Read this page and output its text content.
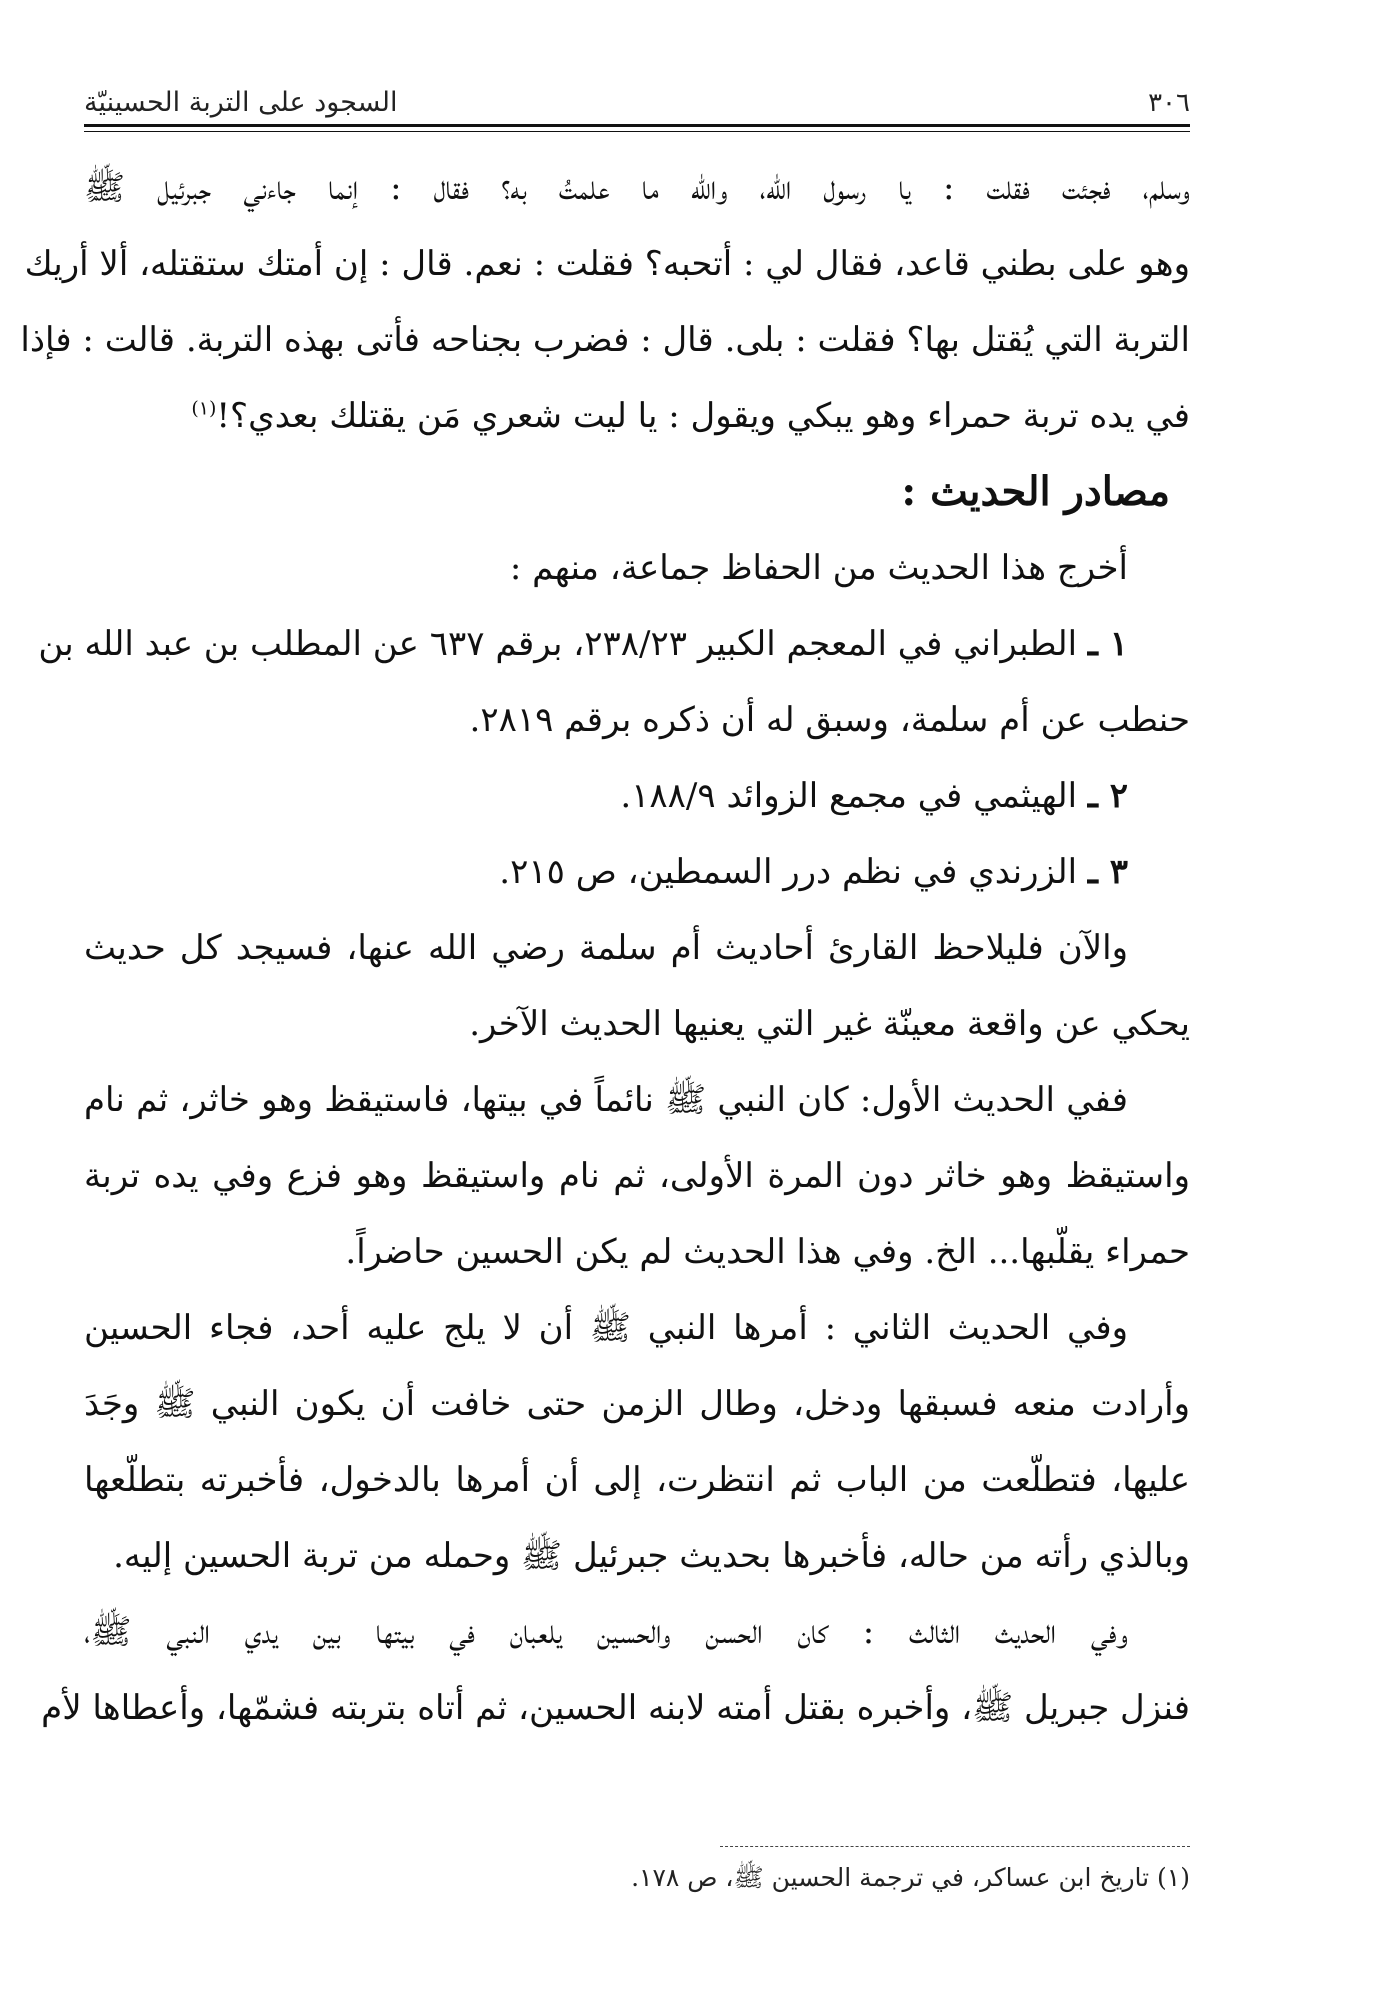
٣٠٦
السجود على التربة الحسينيّة
وسلم، فجئت فقلت : يا رسول الله، والله ما علمتُ به؟ فقال : إنما جاءني جبرئيل ﷺ
وهو على بطني قاعد، فقال لي : أتحبه؟ فقلت : نعم. قال : إن أمتك ستقتله، ألا أريك
التربة التي يُقتل بها؟ فقلت : بلى. قال : فضرب بجناحه فأتى بهذه التربة. قالت : فإذا
في يده تربة حمراء وهو يبكي ويقول : يا ليت شعري مَن يقتلك بعدي؟!$^{(١)}$
مصادر الحديث :
أخرج هذا الحديث من الحفاظ جماعة، منهم :
١ ـ الطبراني في المعجم الكبير ٢٣٨/٢٣، برقم ٦٣٧ عن المطلب بن عبد الله بن
حنطب عن أم سلمة، وسبق له أن ذكره برقم ٢٨١٩.
٢ ـ الهيثمي في مجمع الزوائد ١٨٨/٩.
٣ ـ الزرندي في نظم درر السمطين، ص ٢١٥.
والآن فليلاحظ القارئ أحاديث أم سلمة رضي الله عنها، فسيجد كل حديث
يحكي عن واقعة معينّة غير التي يعنيها الحديث الآخر.
ففي الحديث الأول: كان النبي ﷺ نائماً في بيتها، فاستيقظ وهو خاثر، ثم نام
واستيقظ وهو خاثر دون المرة الأولى، ثم نام واستيقظ وهو فزع وفي يده تربة
حمراء يقلّبها... الخ. وفي هذا الحديث لم يكن الحسين حاضراً.
وفي الحديث الثاني : أمرها النبي ﷺ أن لا يلج عليه أحد، فجاء الحسين
وأرادت منعه فسبقها ودخل، وطال الزمن حتى خافت أن يكون النبي ﷺ وجَدَ
عليها، فتطلّعت من الباب ثم انتظرت، إلى أن أمرها بالدخول، فأخبرته بتطلّعها
وبالذي رأته من حاله، فأخبرها بحديث جبرئيل ﷺ وحمله من تربة الحسين إليه.
وفي الحديث الثالث : كان الحسن والحسين يلعبان في بيتها بين يدي النبي ﷺ،
فنزل جبريل ﷺ، وأخبره بقتل أمته لابنه الحسين، ثم أتاه بتربته فشمّها، وأعطاها لأم
(١) تاريخ ابن عساكر، في ترجمة الحسين ﷺ، ص ١٧٨.
